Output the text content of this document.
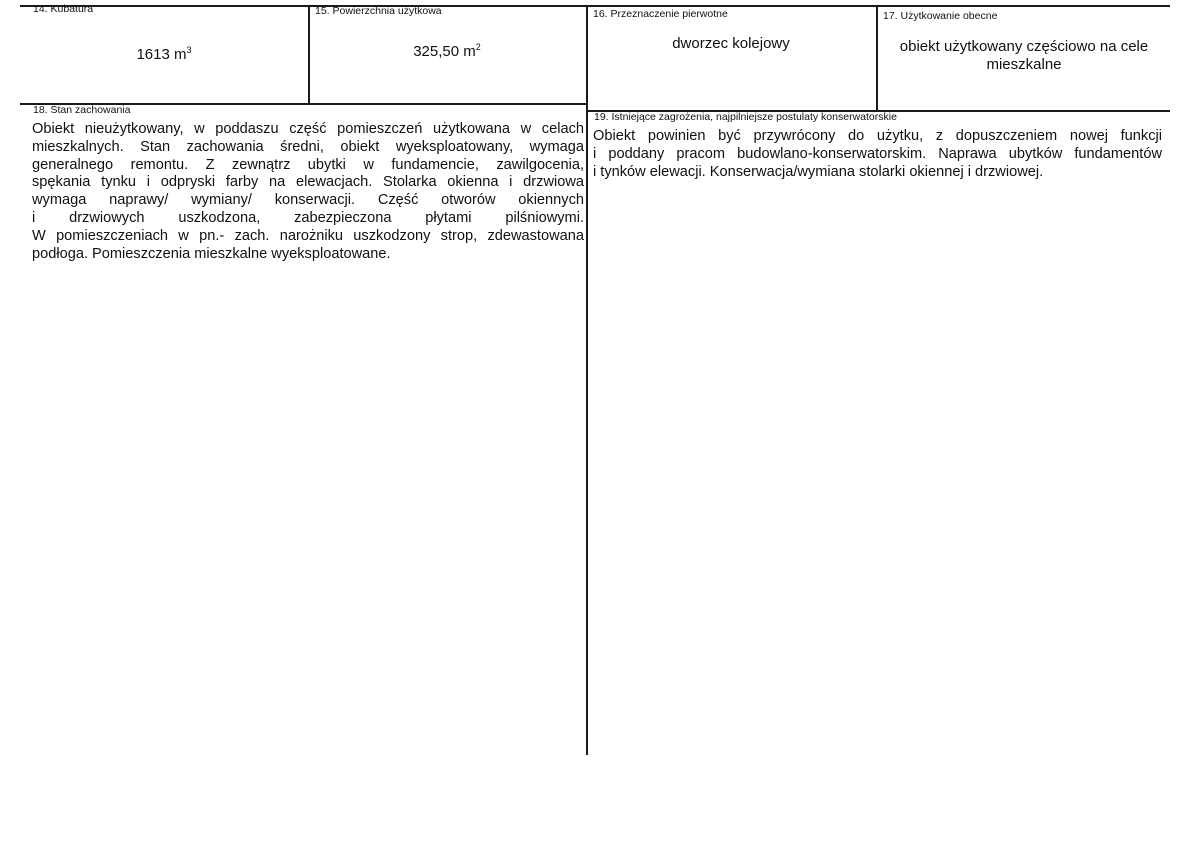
14. Kubatura
1613 $m^3$
15. Powierzchnia użytkowa
325,50 $m^2$
16. Przeznaczenie pierwotne
dworzec kolejowy
17. Użytkowanie obecne
obiekt użytkowany częściowo na cele
mieszkalne
18. Stan zachowania
Obiekt nieużytkowany, w poddaszu część pomieszczeń użytkowana w celach
mieszkalnych. Stan zachowania średni, obiekt wyeksploatowany, wymaga
generalnego remontu. Z zewnątrz ubytki w fundamencie, zawilgocenia,
spękania tynku i odpryski farby na elewacjach. Stolarka okienna i drzwiowa
wymaga naprawy/ wymiany/ konserwacji. Część otworów okiennych
i drzwiowych uszkodzona, zabezpieczona płytami pilśniowymi.
W pomieszczeniach w pn.- zach. narożniku uszkodzony strop, zdewastowana
podłoga. Pomieszczenia mieszkalne wyeksploatowane.
19. Istniejące zagrożenia, najpilniejsze postulaty konserwatorskie
Obiekt powinien być przywrócony do użytku, z dopuszczeniem nowej funkcji
i poddany pracom budowlano-konserwatorskim. Naprawa ubytków fundamentów
i tynków elewacji. Konserwacja/wymiana stolarki okiennej i drzwiowej.
